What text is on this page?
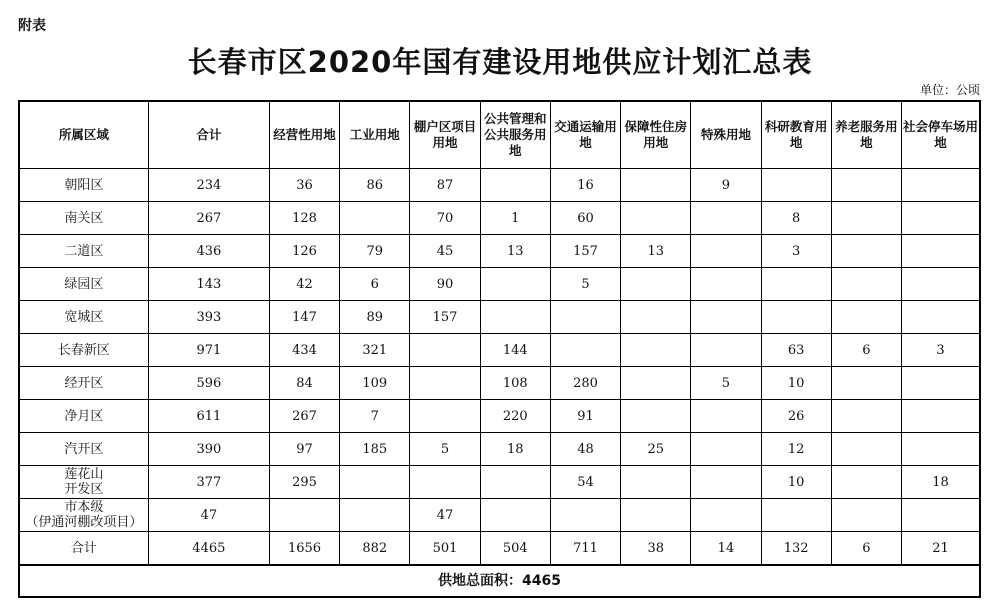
附表
长春市区2020年国有建设用地供应计划汇总表
单位：公顷
所属区域	合计	经营性用地	工业用地	棚户区项目用地	公共管理和公共服务用地	交通运输用地	保障性住房用地	特殊用地	科研教育用地	养老服务用地	社会停车场用地
朝阳区	234	36	86	87		16		9			
南关区	267	128		70	1	60			8		
二道区	436	126	79	45	13	157	13		3		
绿园区	143	42	6	90		5					
宽城区	393	147	89	157							
长春新区	971	434	321		144				63	6	3
经开区	596	84	109		108	280		5	10		
净月区	611	267	7		220	91			26		
汽开区	390	97	185	5	18	48	25		12		
莲花山
开发区	377	295				54			10		18
市本级
（伊通河棚改项目）	47			47							
合计	4465	1656	882	501	504	711	38	14	132	6	21
供地总面积：4465											
